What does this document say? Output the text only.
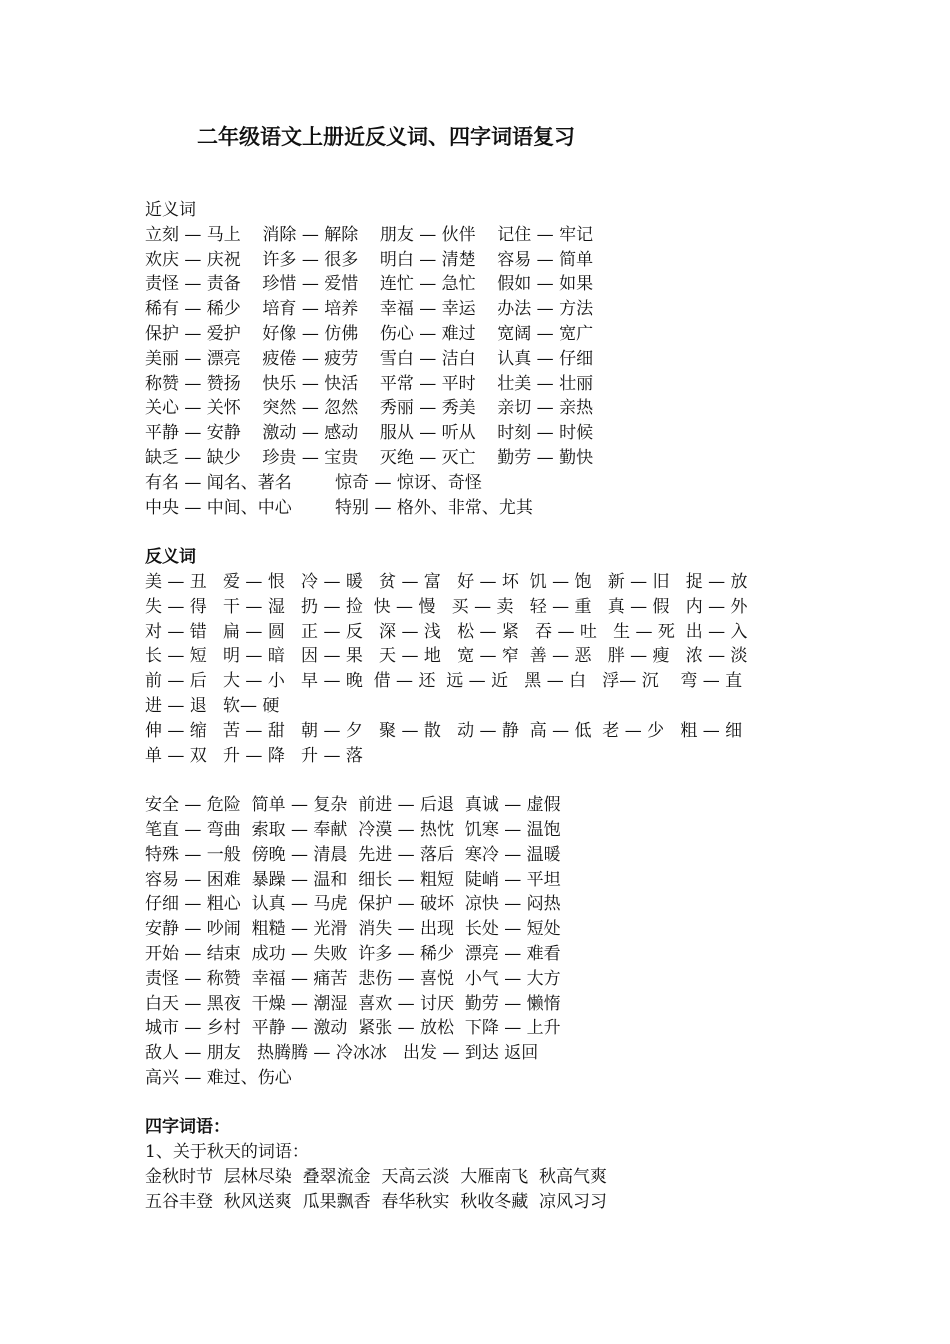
二年级语文上册近反义词、四字词语复习
近义词
立刻 — 马上    消除 — 解除    朋友 — 伙伴    记住 — 牢记
欢庆 — 庆祝    许多 — 很多    明白 — 清楚    容易 — 简单
责怪 — 责备    珍惜 — 爱惜    连忙 — 急忙    假如 — 如果
稀有 — 稀少    培育 — 培养    幸福 — 幸运    办法 — 方法
保护 — 爱护    好像 — 仿佛    伤心 — 难过    宽阔 — 宽广
美丽 — 漂亮    疲倦 — 疲劳    雪白 — 洁白    认真 — 仔细
称赞 — 赞扬    快乐 — 快活    平常 — 平时    壮美 — 壮丽
关心 — 关怀    突然 — 忽然    秀丽 — 秀美    亲切 — 亲热
平静 — 安静    激动 — 感动    服从 — 听从    时刻 — 时候
缺乏 — 缺少    珍贵 — 宝贵    灭绝 — 灭亡    勤劳 — 勤快
有名 — 闻名、著名        惊奇 — 惊讶、奇怪
中央 — 中间、中心        特别 — 格外、非常、尤其
反义词
美 — 丑   爱 — 恨   冷 — 暖   贫 — 富   好 — 坏  饥 — 饱   新 — 旧   捉 — 放
失 — 得   干 — 湿   扔 — 捡  快 — 慢   买 — 卖   轻 — 重   真 — 假   内 — 外
对 — 错   扁 — 圆   正 — 反   深 — 浅   松 — 紧   吞 — 吐   生 — 死  出 — 入
长 — 短   明 — 暗   因 — 果   天 — 地   宽 — 窄  善 — 恶   胖 — 瘦   浓 — 淡
前 — 后   大 — 小   早 — 晚  借 — 还  远 — 近   黑 — 白   浮— 沉    弯 — 直
进 — 退   软— 硬
伸 — 缩   苦 — 甜   朝 — 夕   聚 — 散   动 — 静  高 — 低  老 — 少   粗 — 细
单 — 双   升 — 降   升 — 落
安全 — 危险  简单 — 复杂  前进 — 后退  真诚 — 虚假
笔直 — 弯曲  索取 — 奉献  冷漠 — 热忱  饥寒 — 温饱
特殊 — 一般  傍晚 — 清晨  先进 — 落后  寒冷 — 温暖
容易 — 困难  暴躁 — 温和  细长 — 粗短  陡峭 — 平坦
仔细 — 粗心  认真 — 马虎  保护 — 破坏  凉快 — 闷热
安静 — 吵闹  粗糙 — 光滑  消失 — 出现  长处 — 短处
开始 — 结束  成功 — 失败  许多 — 稀少  漂亮 — 难看
责怪 — 称赞  幸福 — 痛苦  悲伤 — 喜悦  小气 — 大方
白天 — 黑夜  干燥 — 潮湿  喜欢 — 讨厌  勤劳 — 懒惰
城市 — 乡村  平静 — 激动  紧张 — 放松  下降 — 上升
敌人 — 朋友   热腾腾 — 冷冰冰   出发 — 到达 返回
高兴 — 难过、伤心
四字词语：
1、关于秋天的词语：
金秋时节  层林尽染  叠翠流金  天高云淡  大雁南飞  秋高气爽
五谷丰登  秋风送爽  瓜果飘香  春华秋实  秋收冬藏  凉风习习
